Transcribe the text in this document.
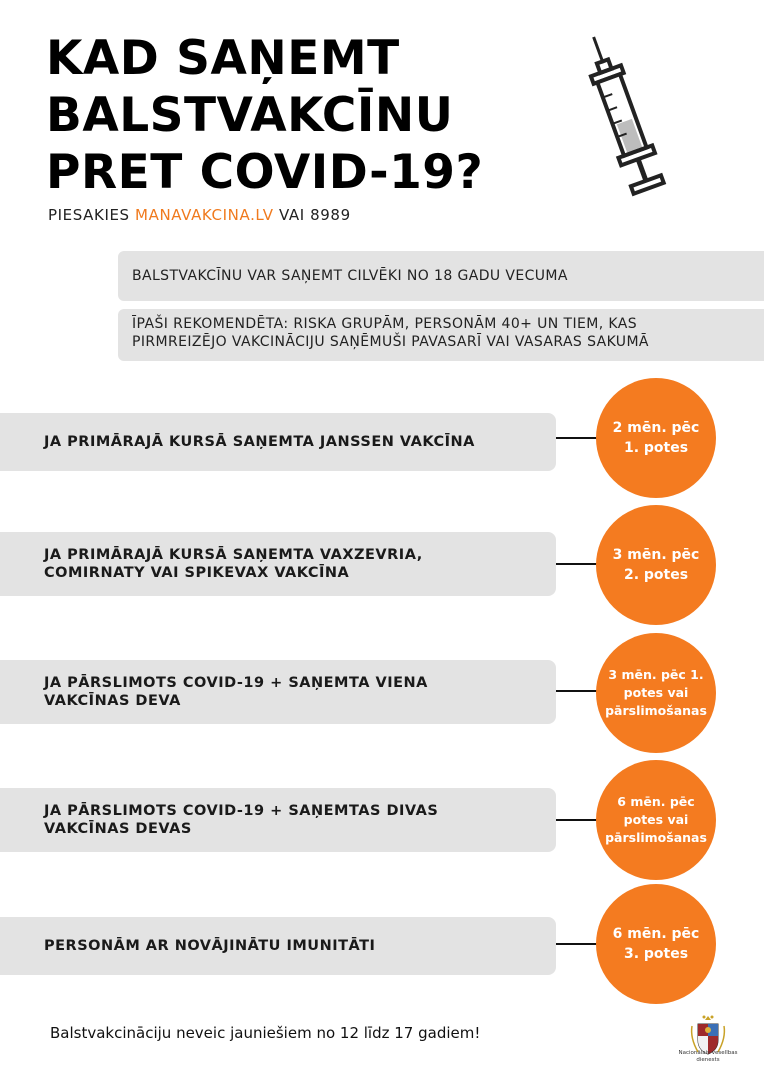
KAD SAŅEMT
BALSTVAKCĪNU
PRET COVID-19?
PIESAKIES MANAVAKCINA.LV VAI 8989
BALSTVAKCĪNU VAR SAŅEMT CILVĒKI NO 18 GADU VECUMA
ĪPAŠI REKOMENDĒTA: RISKA GRUPĀM, PERSONĀM 40+ UN TIEM, KAS
PIRMREIZĒJO VAKCINĀCIJU SAŅĒMUŠI PAVASARĪ VAI VASARAS SAKUMĀ
JA PRIMĀRAJĀ KURSĀ SAŅEMTA JANSSEN VAKCĪNA
2 mēn. pēc
1. potes
JA PRIMĀRAJĀ KURSĀ SAŅEMTA VAXZEVRIA,
COMIRNATY VAI SPIKEVAX VAKCĪNA
3 mēn. pēc
2. potes
JA PĀRSLIMOTS COVID-19 + SAŅEMTA VIENA
VAKCĪNAS DEVA
3 mēn. pēc 1.
potes vai
pārslimošanas
JA PĀRSLIMOTS COVID-19 + SAŅEMTAS DIVAS
VAKCĪNAS DEVAS
6 mēn. pēc
potes vai
pārslimošanas
PERSONĀM AR NOVĀJINĀTU IMUNITĀTI
6 mēn. pēc
3. potes
Balstvakcināciju neveic jauniešiem no 12 līdz 17 gadiem!
Nacionālais veselības
dienests
